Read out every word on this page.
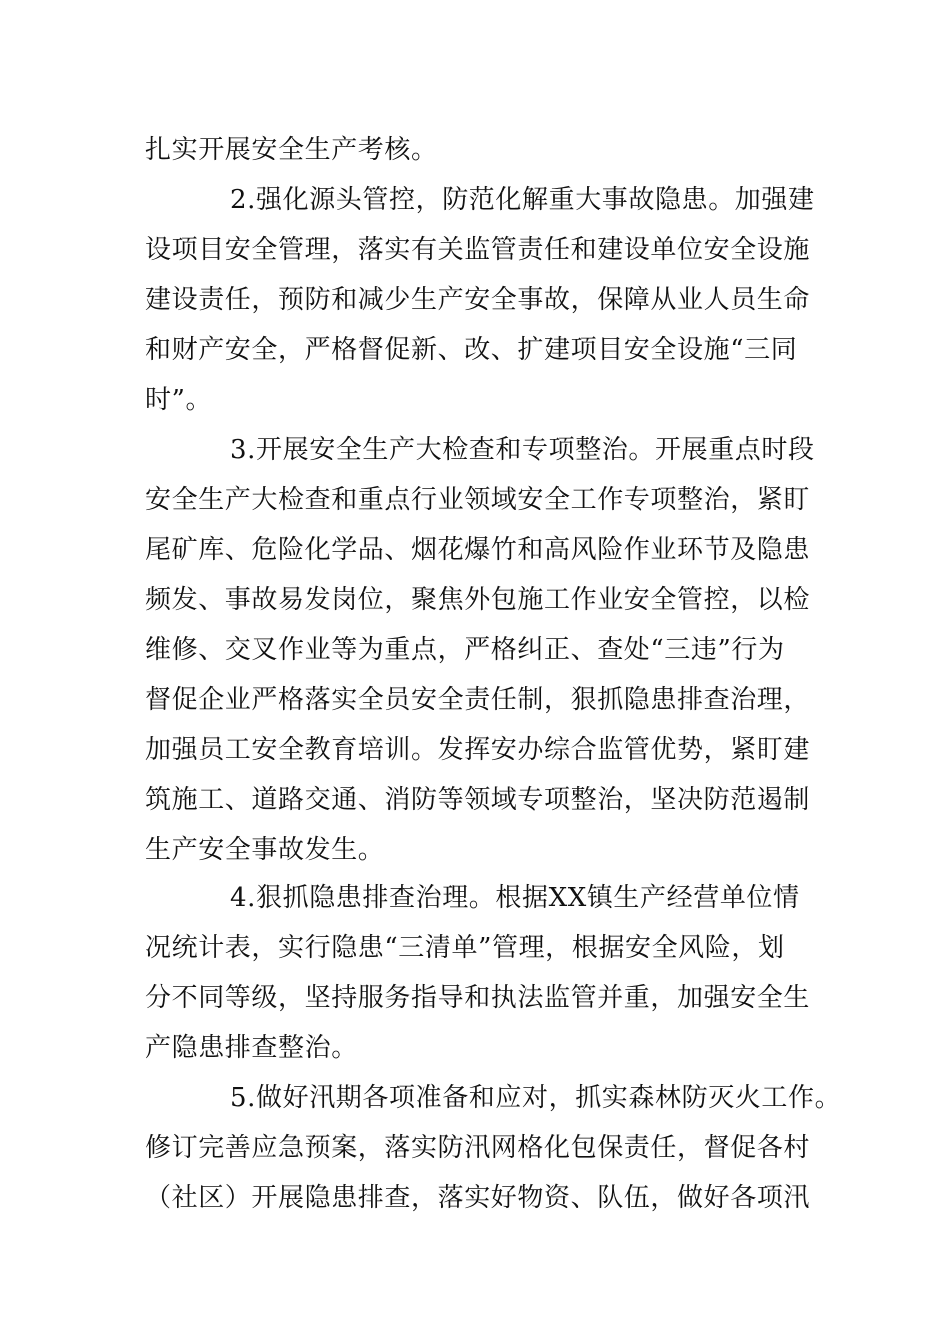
扎实开展安全生产考核。
2.强化源头管控，防范化解重大事故隐患。加强建
设项目安全管理，落实有关监管责任和建设单位安全设施
建设责任，预防和减少生产安全事故，保障从业人员生命
和财产安全，严格督促新、改、扩建项目安全设施“三同
时”。
3.开展安全生产大检查和专项整治。开展重点时段
安全生产大检查和重点行业领域安全工作专项整治，紧盯
尾矿库、危险化学品、烟花爆竹和高风险作业环节及隐患
频发、事故易发岗位，聚焦外包施工作业安全管控，以检
维修、交叉作业等为重点，严格纠正、查处“三违”行为
督促企业严格落实全员安全责任制，狠抓隐患排查治理，
加强员工安全教育培训。发挥安办综合监管优势，紧盯建
筑施工、道路交通、消防等领域专项整治，坚决防范遏制
生产安全事故发生。
4.狠抓隐患排查治理。根据XX镇生产经营单位情
况统计表，实行隐患“三清单”管理，根据安全风险，划
分不同等级，坚持服务指导和执法监管并重，加强安全生
产隐患排查整治。
5.做好汛期各项准备和应对，抓实森林防灭火工作。
修订完善应急预案，落实防汛网格化包保责任，督促各村
（社区）开展隐患排查，落实好物资、队伍，做好各项汛
